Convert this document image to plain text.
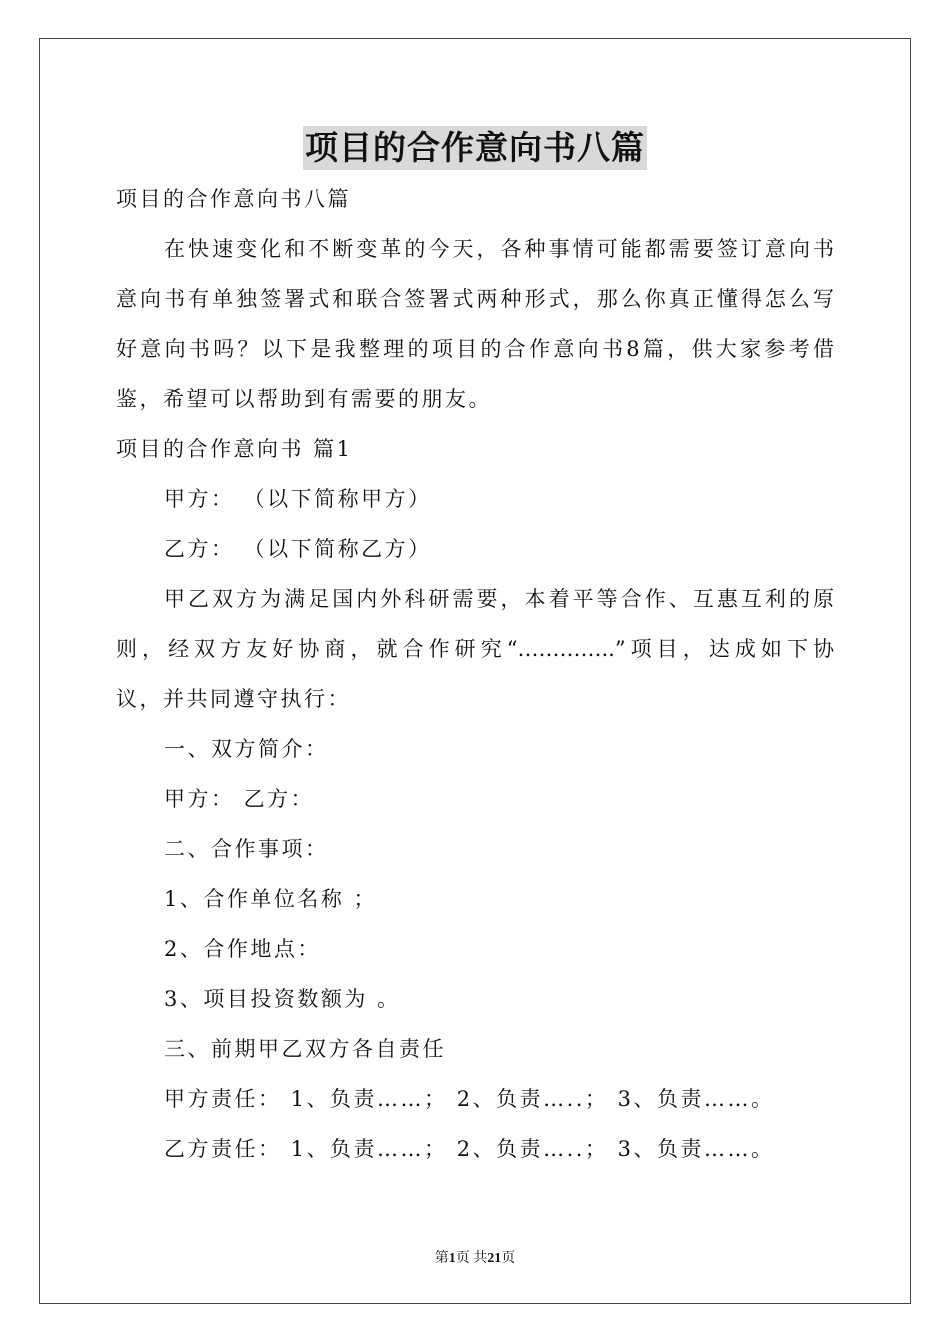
项目的合作意向书八篇
项目的合作意向书八篇
在快速变化和不断变革的今天，各种事情可能都需要签订意向书
意向书有单独签署式和联合签署式两种形式，那么你真正懂得怎么写
好意向书吗？以下是我整理的项目的合作意向书8篇，供大家参考借
鉴，希望可以帮助到有需要的朋友。
项目的合作意向书 篇1
甲方： （以下简称甲方）
乙方： （以下简称乙方）
甲乙双方为满足国内外科研需要，本着平等合作、互惠互利的原
则，经双方友好协商，就合作研究“…………..”项目，达成如下协
议，并共同遵守执行：
一、双方简介：
甲方： 乙方：
二、合作事项：
1、合作单位名称 ；
2、合作地点：
3、项目投资数额为 。
三、前期甲乙双方各自责任
甲方责任： 1、负责……； 2、负责…..； 3、负责……。
乙方责任： 1、负责……； 2、负责…..； 3、负责……。
第1页 共21页
